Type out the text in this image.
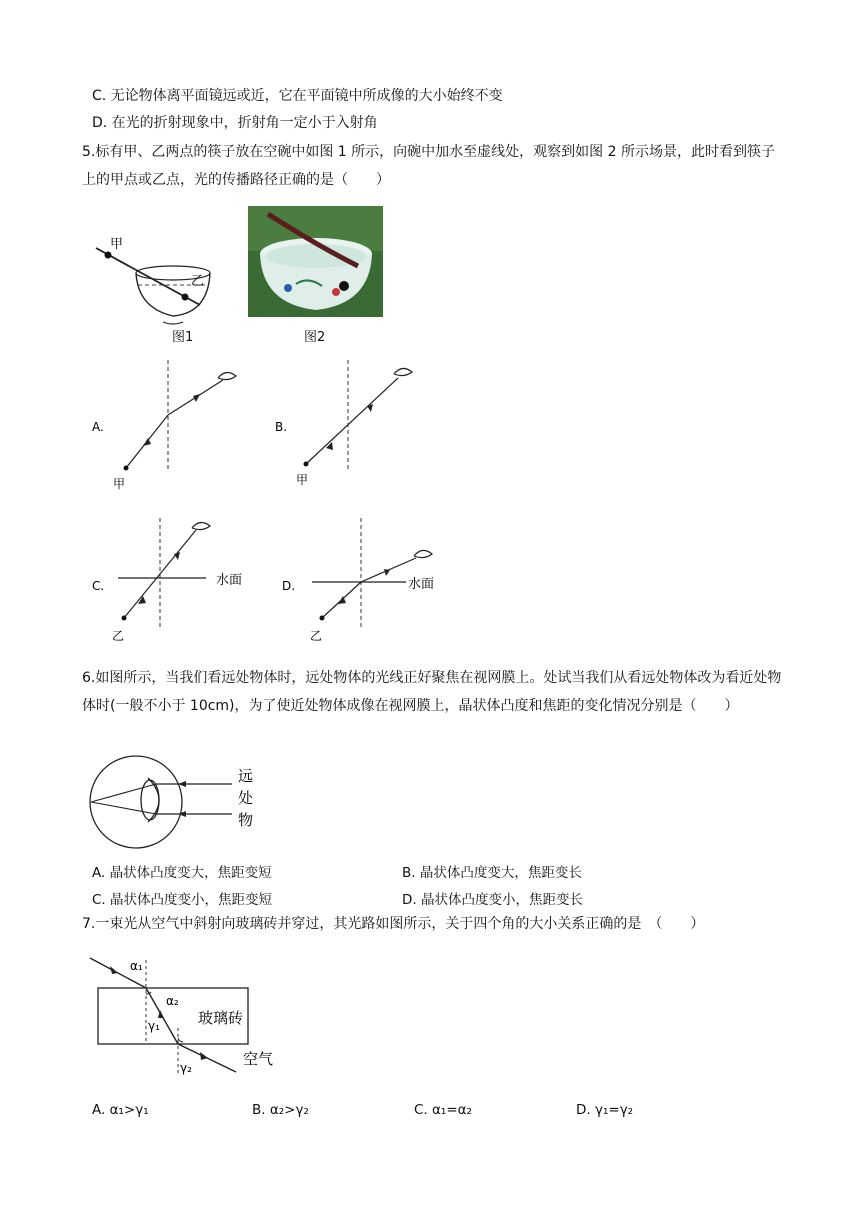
C. 无论物体离平面镜远或近，它在平面镜中所成像的大小始终不变
D. 在光的折射现象中，折射角一定小于入射角
5.标有甲、乙两点的筷子放在空碗中如图 1 所示，向碗中加水至虚线处，观察到如图 2 所示场景，此时看到筷子上的甲点或乙点，光的传播路径正确的是（　　）
甲
乙
图1	图2
A.
甲
B.
甲
C.
乙
水面	D.
乙
水面
6.如图所示，当我们看远处物体时，远处物体的光线正好聚焦在视网膜上。处试当我们从看远处物体改为看近处物体时(一般不小于 10cm)，为了使近处物体成像在视网膜上，晶状体凸度和焦距的变化情况分别是（　　）
远
处
物
A. 晶状体凸度变大，焦距变短	B. 晶状体凸度变大，焦距变长
C. 晶状体凸度变小，焦距变短	D. 晶状体凸度变小，焦距变长
7.一束光从空气中斜射向玻璃砖并穿过，其光路如图所示，关于四个角的大小关系正确的是　（　　）
α₁
α₂
γ₁
γ₂
玻璃砖
空气
A. α₁>γ₁	B. α₂>γ₂	C. α₁=α₂	D. γ₁=γ₂
